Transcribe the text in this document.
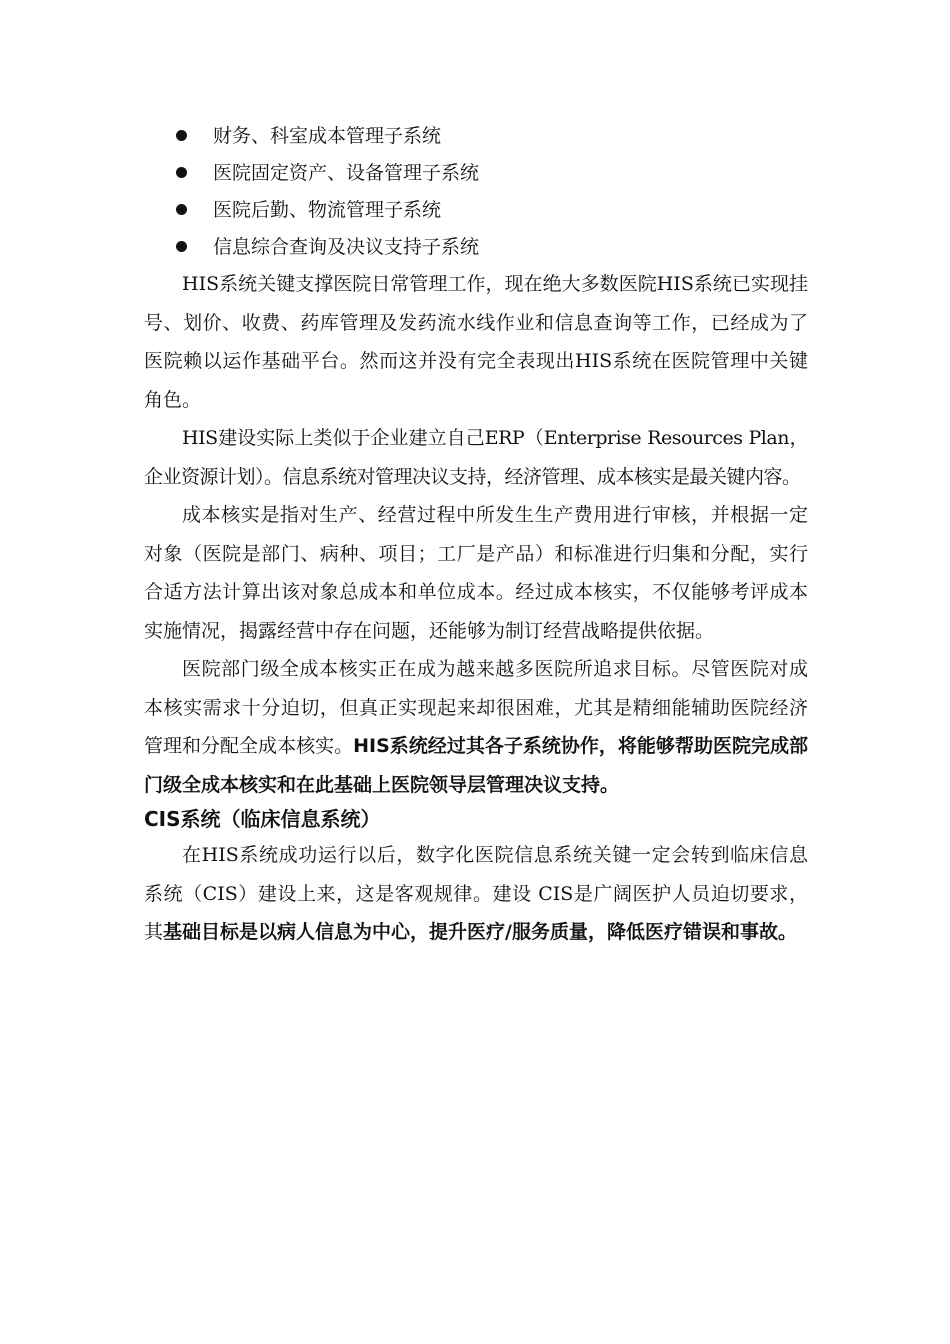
财务、科室成本管理子系统
医院固定资产、设备管理子系统
医院后勤、物流管理子系统
信息综合查询及决议支持子系统

HIS系统关键支撑医院日常管理工作，现在绝大多数医院HIS系统已实现挂号、划价、收费、药库管理及发药流水线作业和信息查询等工作，已经成为了医院赖以运作基础平台。然而这并没有完全表现出HIS系统在医院管理中关键角色。

HIS建设实际上类似于企业建立自己ERP（Enterprise Resources Plan，企业资源计划）。信息系统对管理决议支持，经济管理、成本核实是最关键内容。

成本核实是指对生产、经营过程中所发生生产费用进行审核，并根据一定对象（医院是部门、病种、项目；工厂是产品）和标准进行归集和分配，实行合适方法计算出该对象总成本和单位成本。经过成本核实，不仅能够考评成本实施情况，揭露经营中存在问题，还能够为制订经营战略提供依据。

医院部门级全成本核实正在成为越来越多医院所追求目标。尽管医院对成本核实需求十分迫切，但真正实现起来却很困难，尤其是精细能辅助医院经济管理和分配全成本核实。HIS系统经过其各子系统协作，将能够帮助医院完成部门级全成本核实和在此基础上医院领导层管理决议支持。

CIS系统（临床信息系统）

在HIS系统成功运行以后，数字化医院信息系统关键一定会转到临床信息系统（CIS）建设上来，这是客观规律。建设 CIS是广阔医护人员迫切要求，其基础目标是以病人信息为中心，提升医疗/服务质量，降低医疗错误和事故。
